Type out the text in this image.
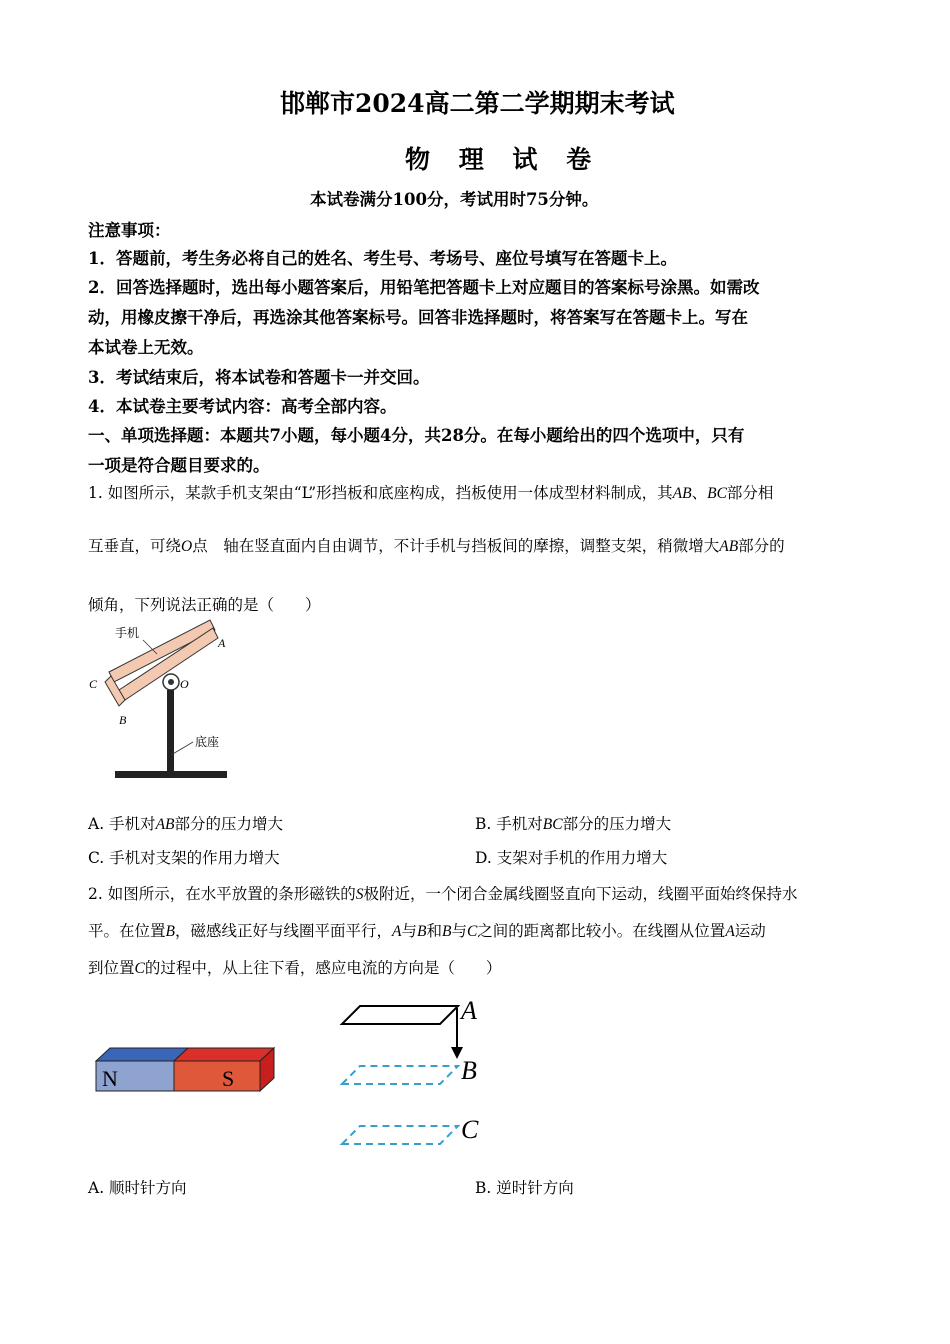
邯郸市2024高二第二学期期末考试
物 理 试 卷
本试卷满分100分，考试用时75分钟。
注意事项：
1．答题前，考生务必将自己的姓名、考生号、考场号、座位号填写在答题卡上。
2．回答选择题时，选出每小题答案后，用铅笔把答题卡上对应题目的答案标号涂黑。如需改
动，用橡皮擦干净后，再选涂其他答案标号。回答非选择题时，将答案写在答题卡上。写在
本试卷上无效。
3．考试结束后，将本试卷和答题卡一并交回。
4．本试卷主要考试内容：高考全部内容。
一、单项选择题：本题共7小题，每小题4分，共28分。在每小题给出的四个选项中，只有
一项是符合题目要求的。
1. 如图所示，某款手机支架由“L”形挡板和底座构成，挡板使用一体成型材料制成，其AB、BC部分相
互垂直，可绕O点　轴在竖直面内自由调节，不计手机与挡板间的摩擦，调整支架，稍微增大AB部分的
倾角，下列说法正确的是（　　）
手机
底座
A
C
B
O
A. 手机对AB部分的压力增大	B. 手机对BC部分的压力增大
C. 手机对支架的作用力增大	D. 支架对手机的作用力增大
2. 如图所示，在水平放置的条形磁铁的S极附近，一个闭合金属线圈竖直向下运动，线圈平面始终保持水
平。在位置B，磁感线正好与线圈平面平行，A与B和B与C之间的距离都比较小。在线圈从位置A运动
到位置C的过程中，从上往下看，感应电流的方向是（　　）
N	S
A
B
C
A. 顺时针方向	B. 逆时针方向
